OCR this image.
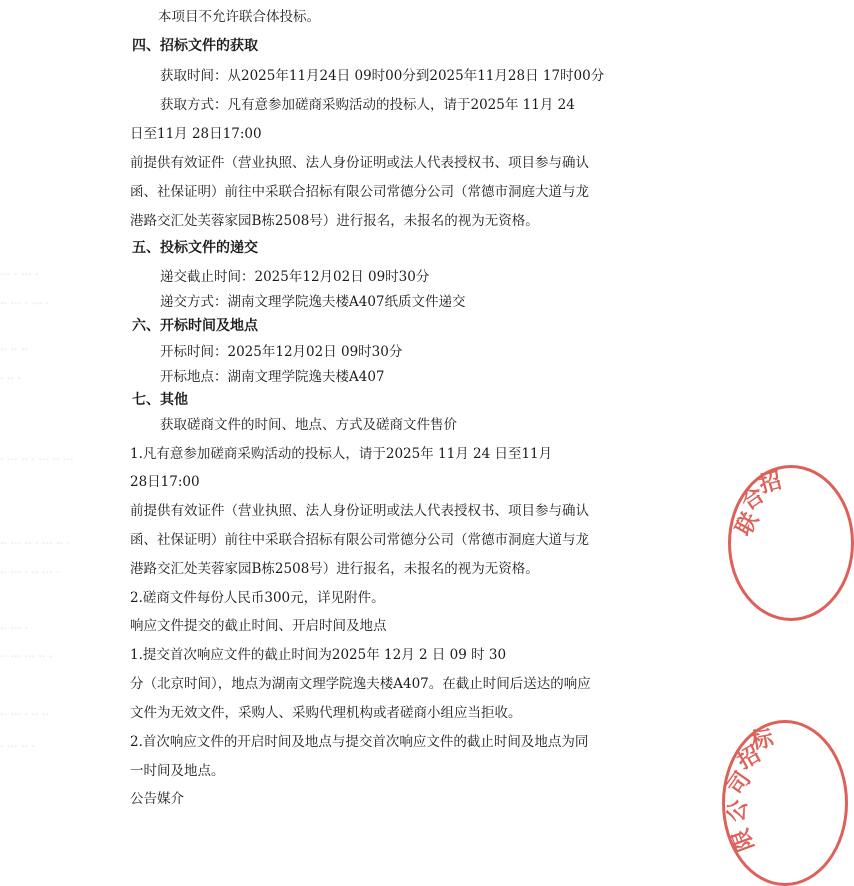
本项目不允许联合体投标。
四、招标文件的获取
获取时间：从2025年11月24日 09时00分到2025年11月28日 17时00分
获取方式：凡有意参加磋商采购活动的投标人，请于2025年 11月 24
日至11月 28日17:00
前提供有效证件（营业执照、法人身份证明或法人代表授权书、项目参与确认
函、社保证明）前往中采联合招标有限公司常德分公司（常德市洞庭大道与龙
港路交汇处芙蓉家园B栋2508号）进行报名，未报名的视为无资格。
五、投标文件的递交
递交截止时间：2025年12月02日 09时30分
递交方式：湖南文理学院逸夫楼A407纸质文件递交
六、开标时间及地点
开标时间：2025年12月02日 09时30分
开标地点：湖南文理学院逸夫楼A407
七、其他
获取磋商文件的时间、地点、方式及磋商文件售价
1.凡有意参加磋商采购活动的投标人，请于2025年 11月 24 日至11月
28日17:00
前提供有效证件（营业执照、法人身份证明或法人代表授权书、项目参与确认
函、社保证明）前往中采联合招标有限公司常德分公司（常德市洞庭大道与龙
港路交汇处芙蓉家园B栋2508号）进行报名，未报名的视为无资格。
2.磋商文件每份人民币300元，详见附件。
响应文件提交的截止时间、开启时间及地点
1.提交首次响应文件的截止时间为2025年 12月 2 日 09 时 30
分（北京时间），地点为湖南文理学院逸夫楼A407。在截止时间后送达的响应
文件为无效文件，采购人、采购代理机构或者磋商小组应当拒收。
2.首次响应文件的开启时间及地点与提交首次响应文件的截止时间及地点为同
一时间及地点。
公告媒介
··· · ··· ·
·· ··· · ··· ·
·· ·· ··
· ·· ·
· ··· ·· · ··· ·· ···
·· ··· ·· · ··· ·· ·
·· ··· · ·· ··· ·
·· ··· ·
·· ··· ··· ·· ·
·· ··· · ·· ··
· ··· ·· ·
联
合
招
标
招
司
公
限
